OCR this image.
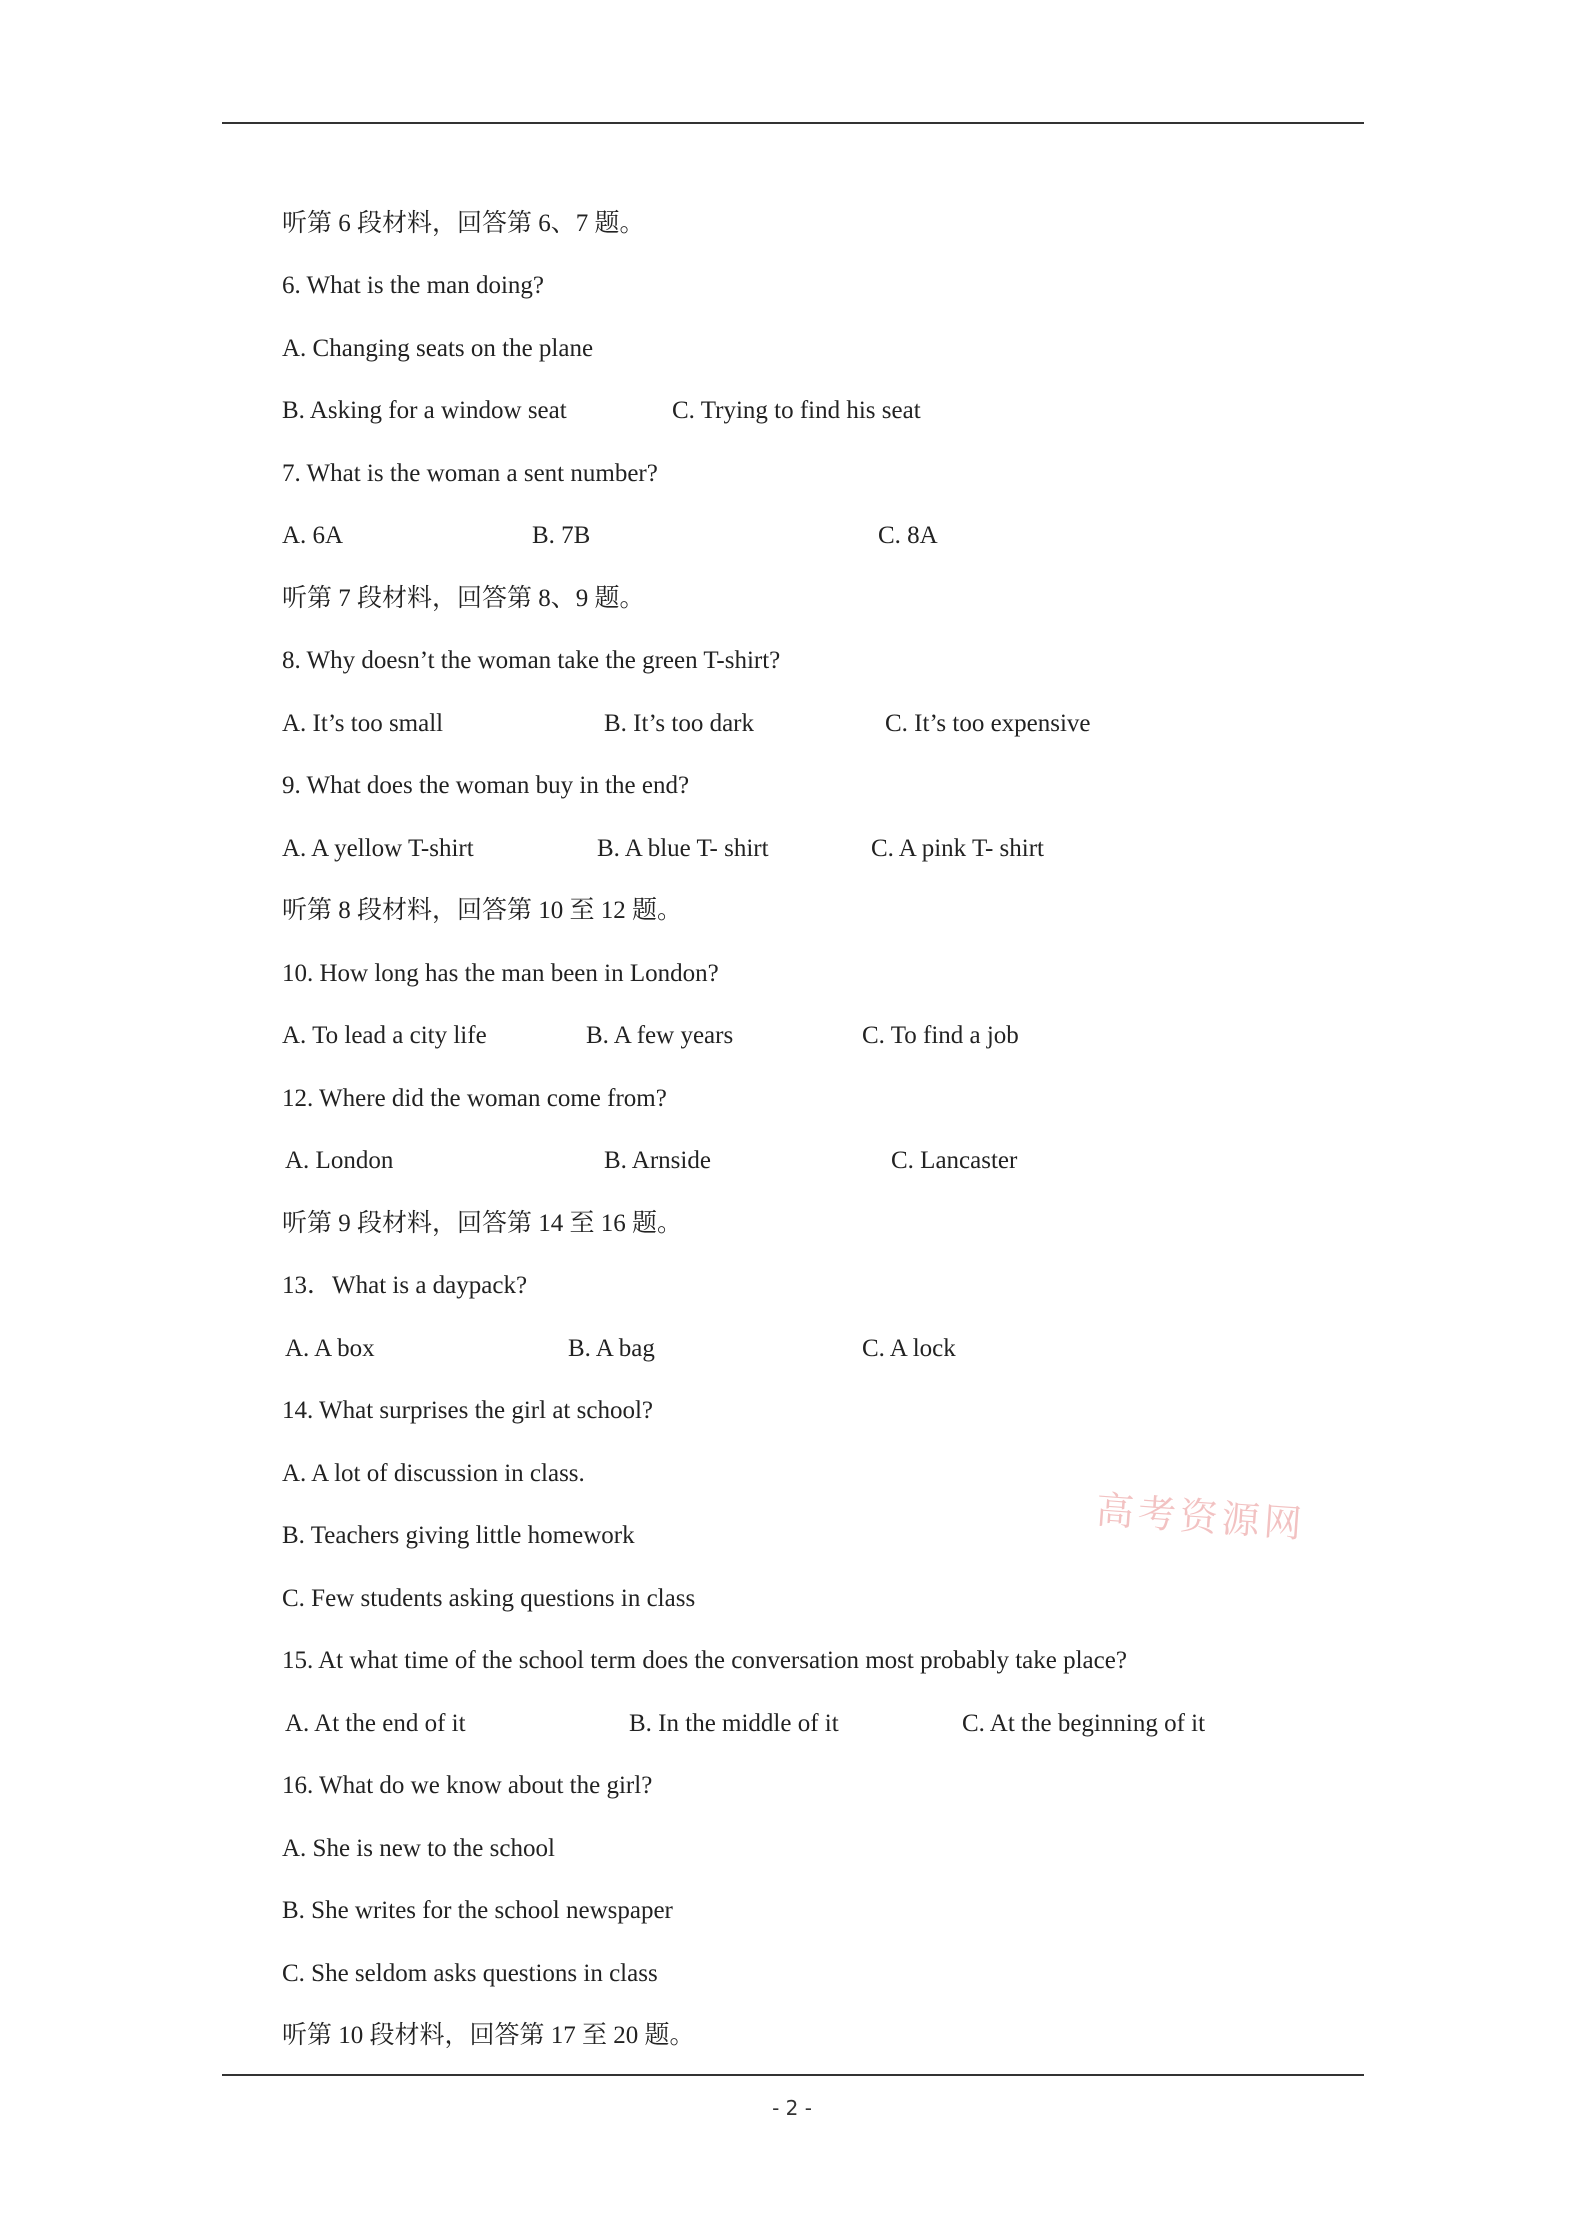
听第 6 段材料，回答第 6、7 题。
6. What is the man doing?
A. Changing seats on the plane
B. Asking for a window seat	C. Trying to find his seat
7. What is the woman a sent number?
A. 6A	B. 7B	C. 8A
听第 7 段材料，回答第 8、9 题。
8. Why doesn’t the woman take the green T-shirt?
A. It’s too small	B. It’s too dark	C. It’s too expensive
9. What does the woman buy in the end?
A. A yellow T-shirt	B. A blue T- shirt	C. A pink T- shirt
听第 8 段材料，回答第 10 至 12 题。
10. How long has the man been in London?
A. To lead a city life	B. A few years	C. To find a job
12. Where did the woman come from?
A. London	B. Arnside	C. Lancaster
听第 9 段材料，回答第 14 至 16 题。
13．What is a daypack?
A. A box	B. A bag	C. A lock
14. What surprises the girl at school?
A. A lot of discussion in class.
B. Teachers giving little homework
C. Few students asking questions in class
15. At what time of the school term does the conversation most probably take place?
A. At the end of it	B. In the middle of it	C. At the beginning of it
16. What do we know about the girl?
A. She is new to the school
B. She writes for the school newspaper
C. She seldom asks questions in class
听第 10 段材料，回答第 17 至 20 题。
高考资源网
- 2 -
